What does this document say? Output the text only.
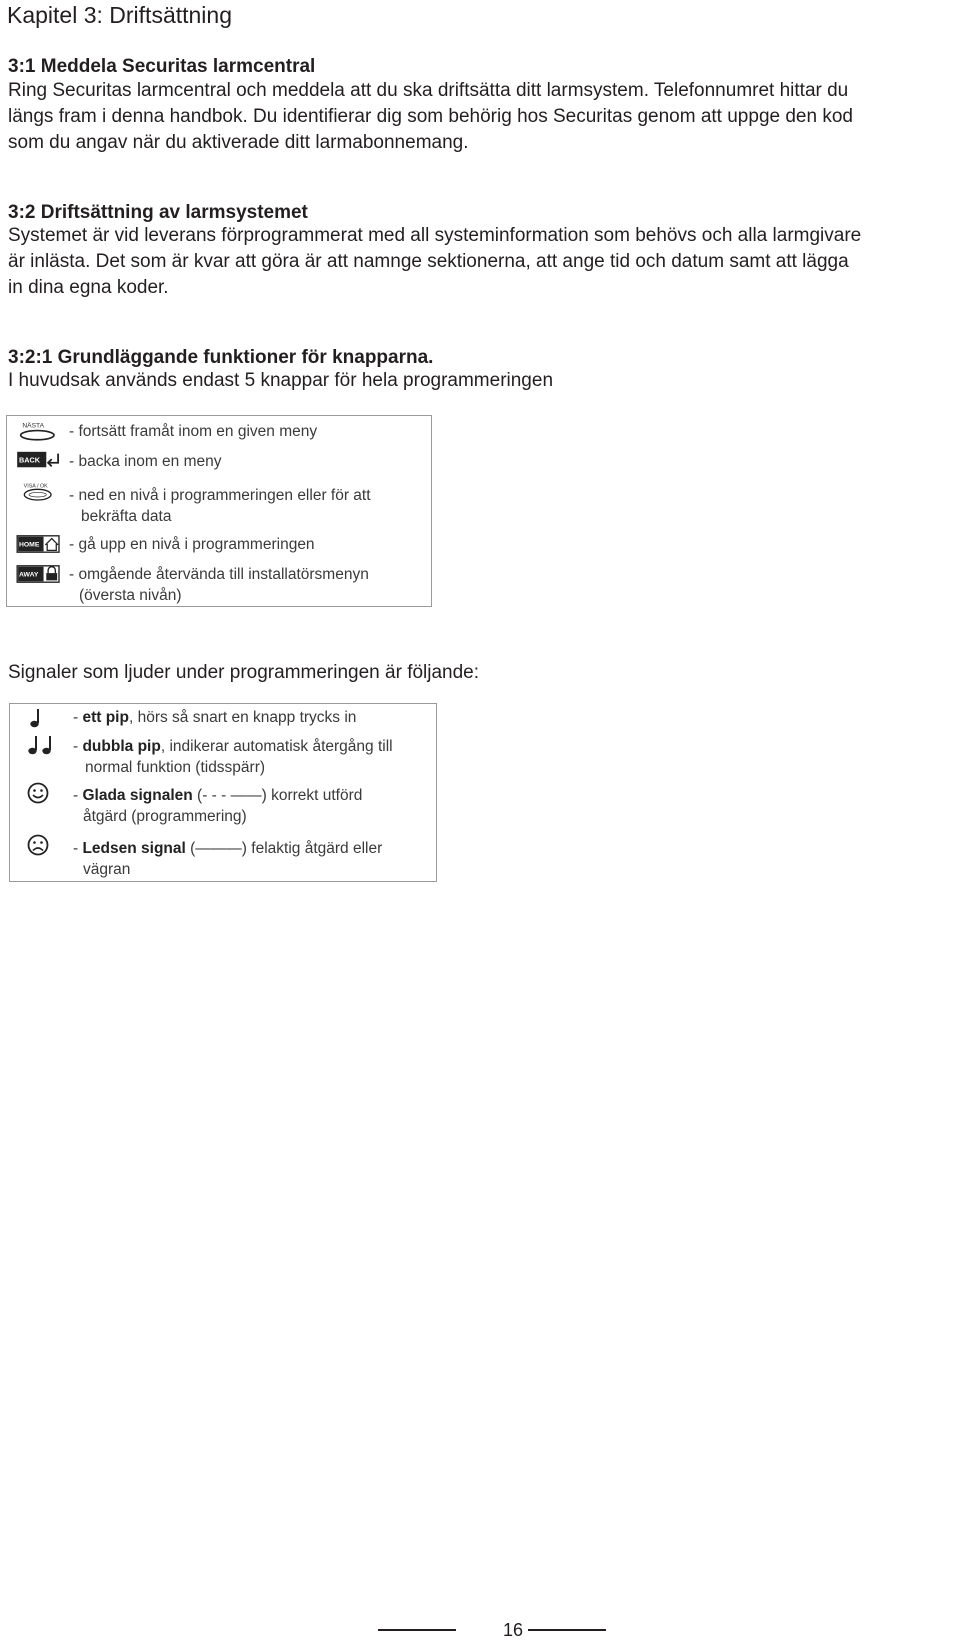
Kapitel 3: Driftsättning
3:1 Meddela Securitas larmcentral
Ring Securitas larmcentral och meddela att du ska driftsätta ditt larmsystem. Telefonnumret hittar du
längs fram i denna handbok. Du identifierar dig som behörig hos Securitas genom att uppge den kod
som du angav när du aktiverade ditt larmabonnemang.
3:2 Driftsättning av larmsystemet
Systemet är vid leverans förprogrammerat med all systeminformation som behövs och alla larmgivare
är inlästa. Det som är kvar att göra är att namnge sektionerna, att ange tid och datum samt att lägga
in dina egna koder.
3:2:1 Grundläggande funktioner för knapparna.
I huvudsak används endast 5 knappar för hela programmeringen
NÄSTA - fortsätt framåt inom en given meny
BACK - backa inom en meny
VISA / OK
- ned en nivå i programmeringen eller för att
bekräfta data
HOME - gå upp en nivå i programmeringen
AWAY - omgående återvända till installatörsmenyn
(översta nivån)
Signaler som ljuder under programmeringen är följande:
- ett pip, hörs så snart en knapp trycks in
- dubbla pip, indikerar automatisk återgång till
normal funktion (tidsspärr)
- Glada signalen (- - - ——) korrekt utförd
åtgärd (programmering)
- Ledsen signal (———) felaktig åtgärd eller
vägran
16
